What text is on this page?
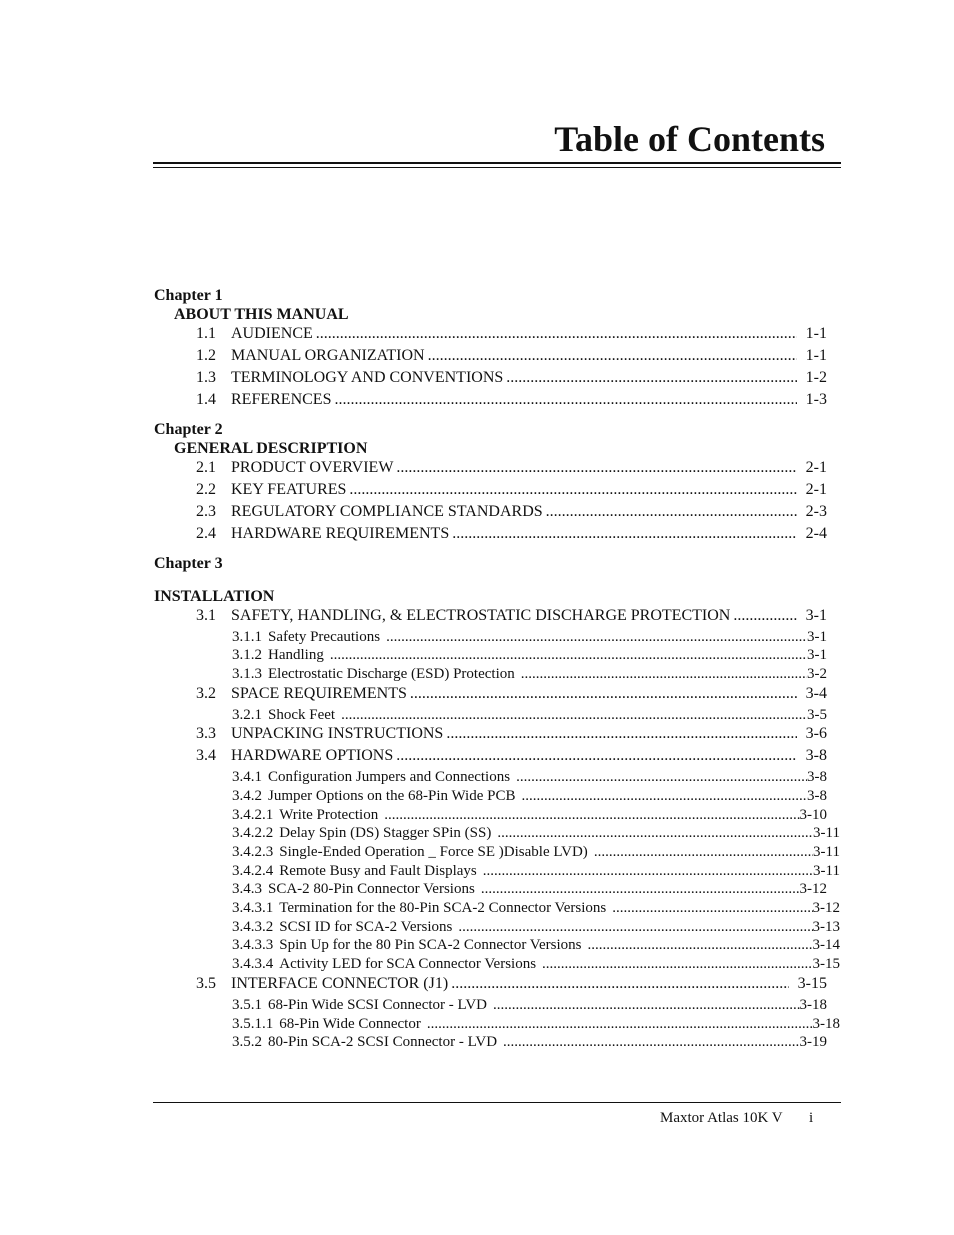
Table of Contents
Chapter 1
ABOUT THIS MANUAL
1.1 AUDIENCE .....	1-1
1.2 MANUAL ORGANIZATION .....	1-1
1.3 TERMINOLOGY AND CONVENTIONS .....	1-2
1.4 REFERENCES .....	1-3
Chapter 2
GENERAL DESCRIPTION
2.1 PRODUCT OVERVIEW .....	2-1
2.2 KEY FEATURES .....	2-1
2.3 REGULATORY COMPLIANCE STANDARDS .....	2-3
2.4 HARDWARE REQUIREMENTS .....	2-4
Chapter 3
INSTALLATION
3.1 SAFETY, HANDLING, & ELECTROSTATIC DISCHARGE PROTECTION .....	3-1
3.1.1 Safety Precautions .....	3-1
3.1.2 Handling .....	3-1
3.1.3 Electrostatic Discharge (ESD) Protection .....	3-2
3.2 SPACE REQUIREMENTS .....	3-4
3.2.1 Shock Feet .....	3-5
3.3 UNPACKING INSTRUCTIONS .....	3-6
3.4 HARDWARE OPTIONS .....	3-8
3.4.1 Configuration Jumpers and Connections .....	3-8
3.4.2 Jumper Options on the 68-Pin Wide PCB .....	3-8
3.4.2.1 Write Protection .....	3-10
3.4.2.2 Delay Spin (DS) Stagger SPin (SS) .....	3-11
3.4.2.3 Single-Ended Operation _ Force SE )Disable LVD) .....	3-11
3.4.2.4 Remote Busy and Fault Displays .....	3-11
3.4.3 SCA-2 80-Pin Connector Versions .....	3-12
3.4.3.1 Termination for the 80-Pin SCA-2 Connector Versions .....	3-12
3.4.3.2 SCSI ID for SCA-2 Versions .....	3-13
3.4.3.3 Spin Up for the 80 Pin SCA-2 Connector Versions .....	3-14
3.4.3.4 Activity LED for SCA Connector Versions .....	3-15
3.5 INTERFACE CONNECTOR (J1) .....	3-15
3.5.1 68-Pin Wide SCSI Connector - LVD .....	3-18
3.5.1.1 68-Pin Wide Connector .....	3-18
3.5.2 80-Pin SCA-2 SCSI Connector - LVD .....	3-19
Maxtor Atlas 10K V i
